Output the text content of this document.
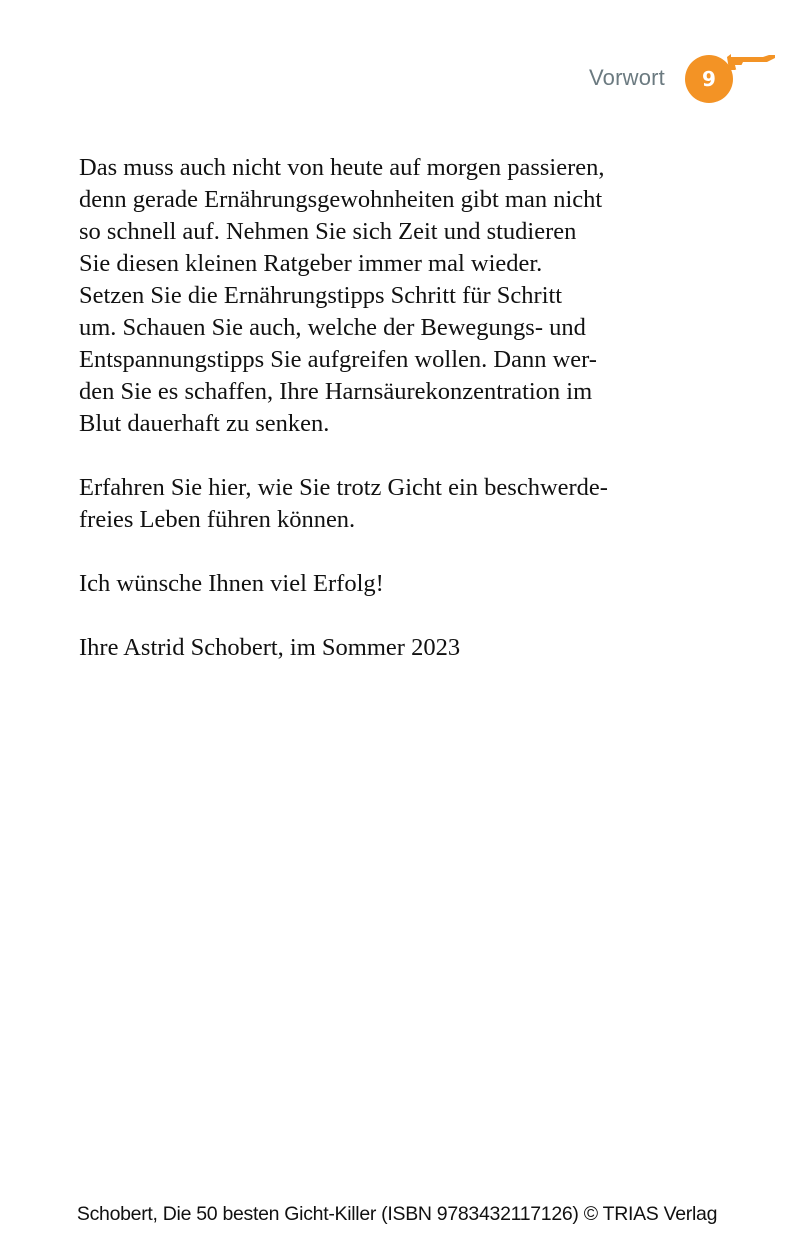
Vorwort	9

Das muss auch nicht von heute auf morgen passieren,
denn gerade Ernährungsgewohnheiten gibt man nicht
so schnell auf. Nehmen Sie sich Zeit und studieren
Sie diesen kleinen Ratgeber immer mal wieder.
Setzen Sie die Ernährungstipps Schritt für Schritt
um. Schauen Sie auch, welche der Bewegungs- und
Entspannungstipps Sie aufgreifen wollen. Dann wer-
den Sie es schaffen, Ihre Harnsäurekonzentration im
Blut dauerhaft zu senken.

Erfahren Sie hier, wie Sie trotz Gicht ein beschwerde-
freies Leben führen können.

Ich wünsche Ihnen viel Erfolg!

Ihre Astrid Schobert, im Sommer 2023

Schobert, Die 50 besten Gicht-Killer (ISBN 9783432117126) © TRIAS Verlag
